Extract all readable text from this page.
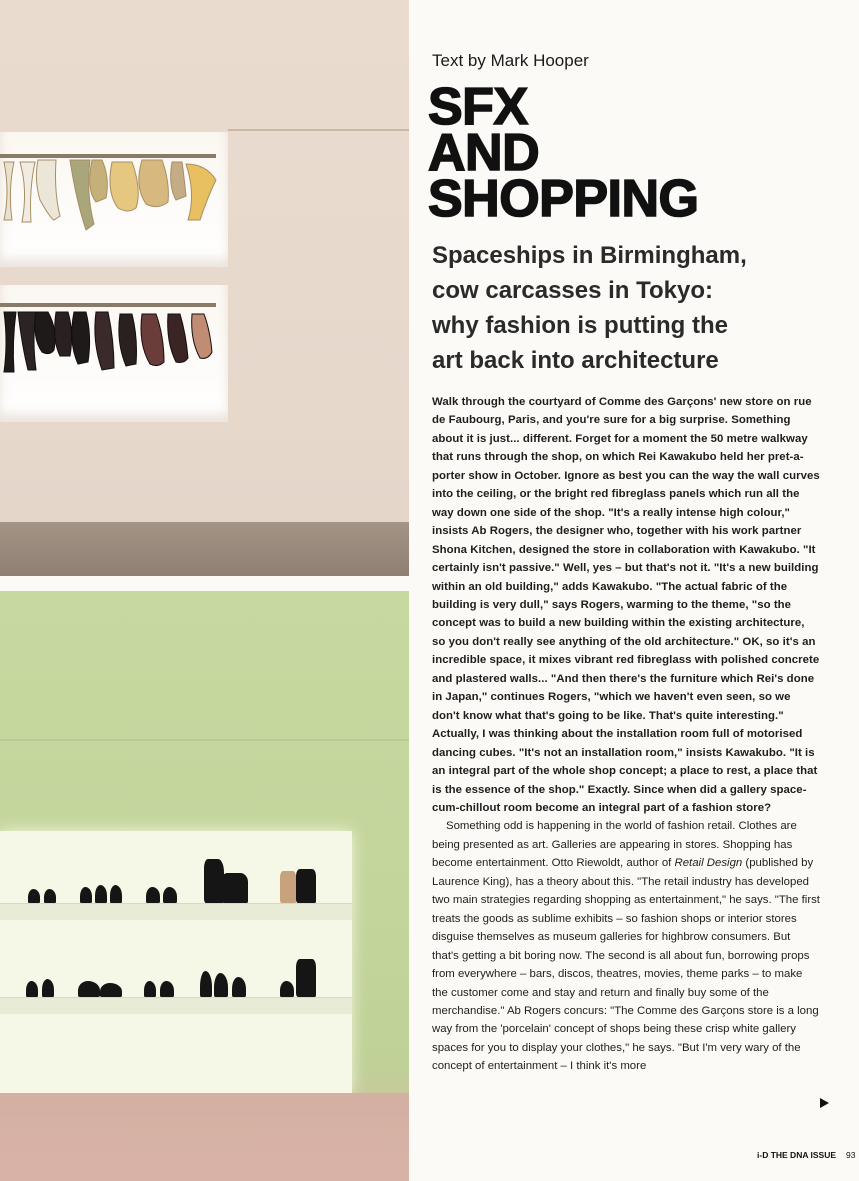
Text by Mark Hooper
SFX
AND
SHOPPING
Spaceships in Birmingham,
cow carcasses in Tokyo:
why fashion is putting the
art back into architecture

Walk through the courtyard of Comme des Garçons' new store on rue de Faubourg, Paris, and you're sure for a big surprise. Something about it is just... different. Forget for a moment the 50 metre walkway that runs through the shop, on which Rei Kawakubo held her pret-a-porter show in October. Ignore as best you can the way the wall curves into the ceiling, or the bright red fibreglass panels which run all the way down one side of the shop. "It's a really intense high colour," insists Ab Rogers, the designer who, together with his work partner Shona Kitchen, designed the store in collaboration with Kawakubo. "It certainly isn't passive." Well, yes – but that's not it. "It's a new building within an old building," adds Kawakubo. "The actual fabric of the building is very dull," says Rogers, warming to the theme, "so the concept was to build a new building within the existing architecture, so you don't really see anything of the old architecture." OK, so it's an incredible space, it mixes vibrant red fibreglass with polished concrete and plastered walls... "And then there's the furniture which Rei's done in Japan," continues Rogers, "which we haven't even seen, so we don't know what that's going to be like. That's quite interesting." Actually, I was thinking about the installation room full of motorised dancing cubes. "It's not an installation room," insists Kawakubo. "It is an integral part of the whole shop concept; a place to rest, a place that is the essence of the shop." Exactly. Since when did a gallery space-cum-chillout room become an integral part of a fashion store?

Something odd is happening in the world of fashion retail. Clothes are being presented as art. Galleries are appearing in stores. Shopping has become entertainment. Otto Riewoldt, author of Retail Design (published by Laurence King), has a theory about this. "The retail industry has developed two main strategies regarding shopping as entertainment," he says. "The first treats the goods as sublime exhibits – so fashion shops or interior stores disguise themselves as museum galleries for highbrow consumers. But that's getting a bit boring now. The second is all about fun, borrowing props from everywhere – bars, discos, theatres, movies, theme parks – to make the customer come and stay and return and finally buy some of the merchandise." Ab Rogers concurs: "The Comme des Garçons store is a long way from the 'porcelain' concept of shops being these crisp white gallery spaces for you to display your clothes," he says. "But I'm very wary of the concept of entertainment – I think it's more

i-D THE DNA ISSUE 93
